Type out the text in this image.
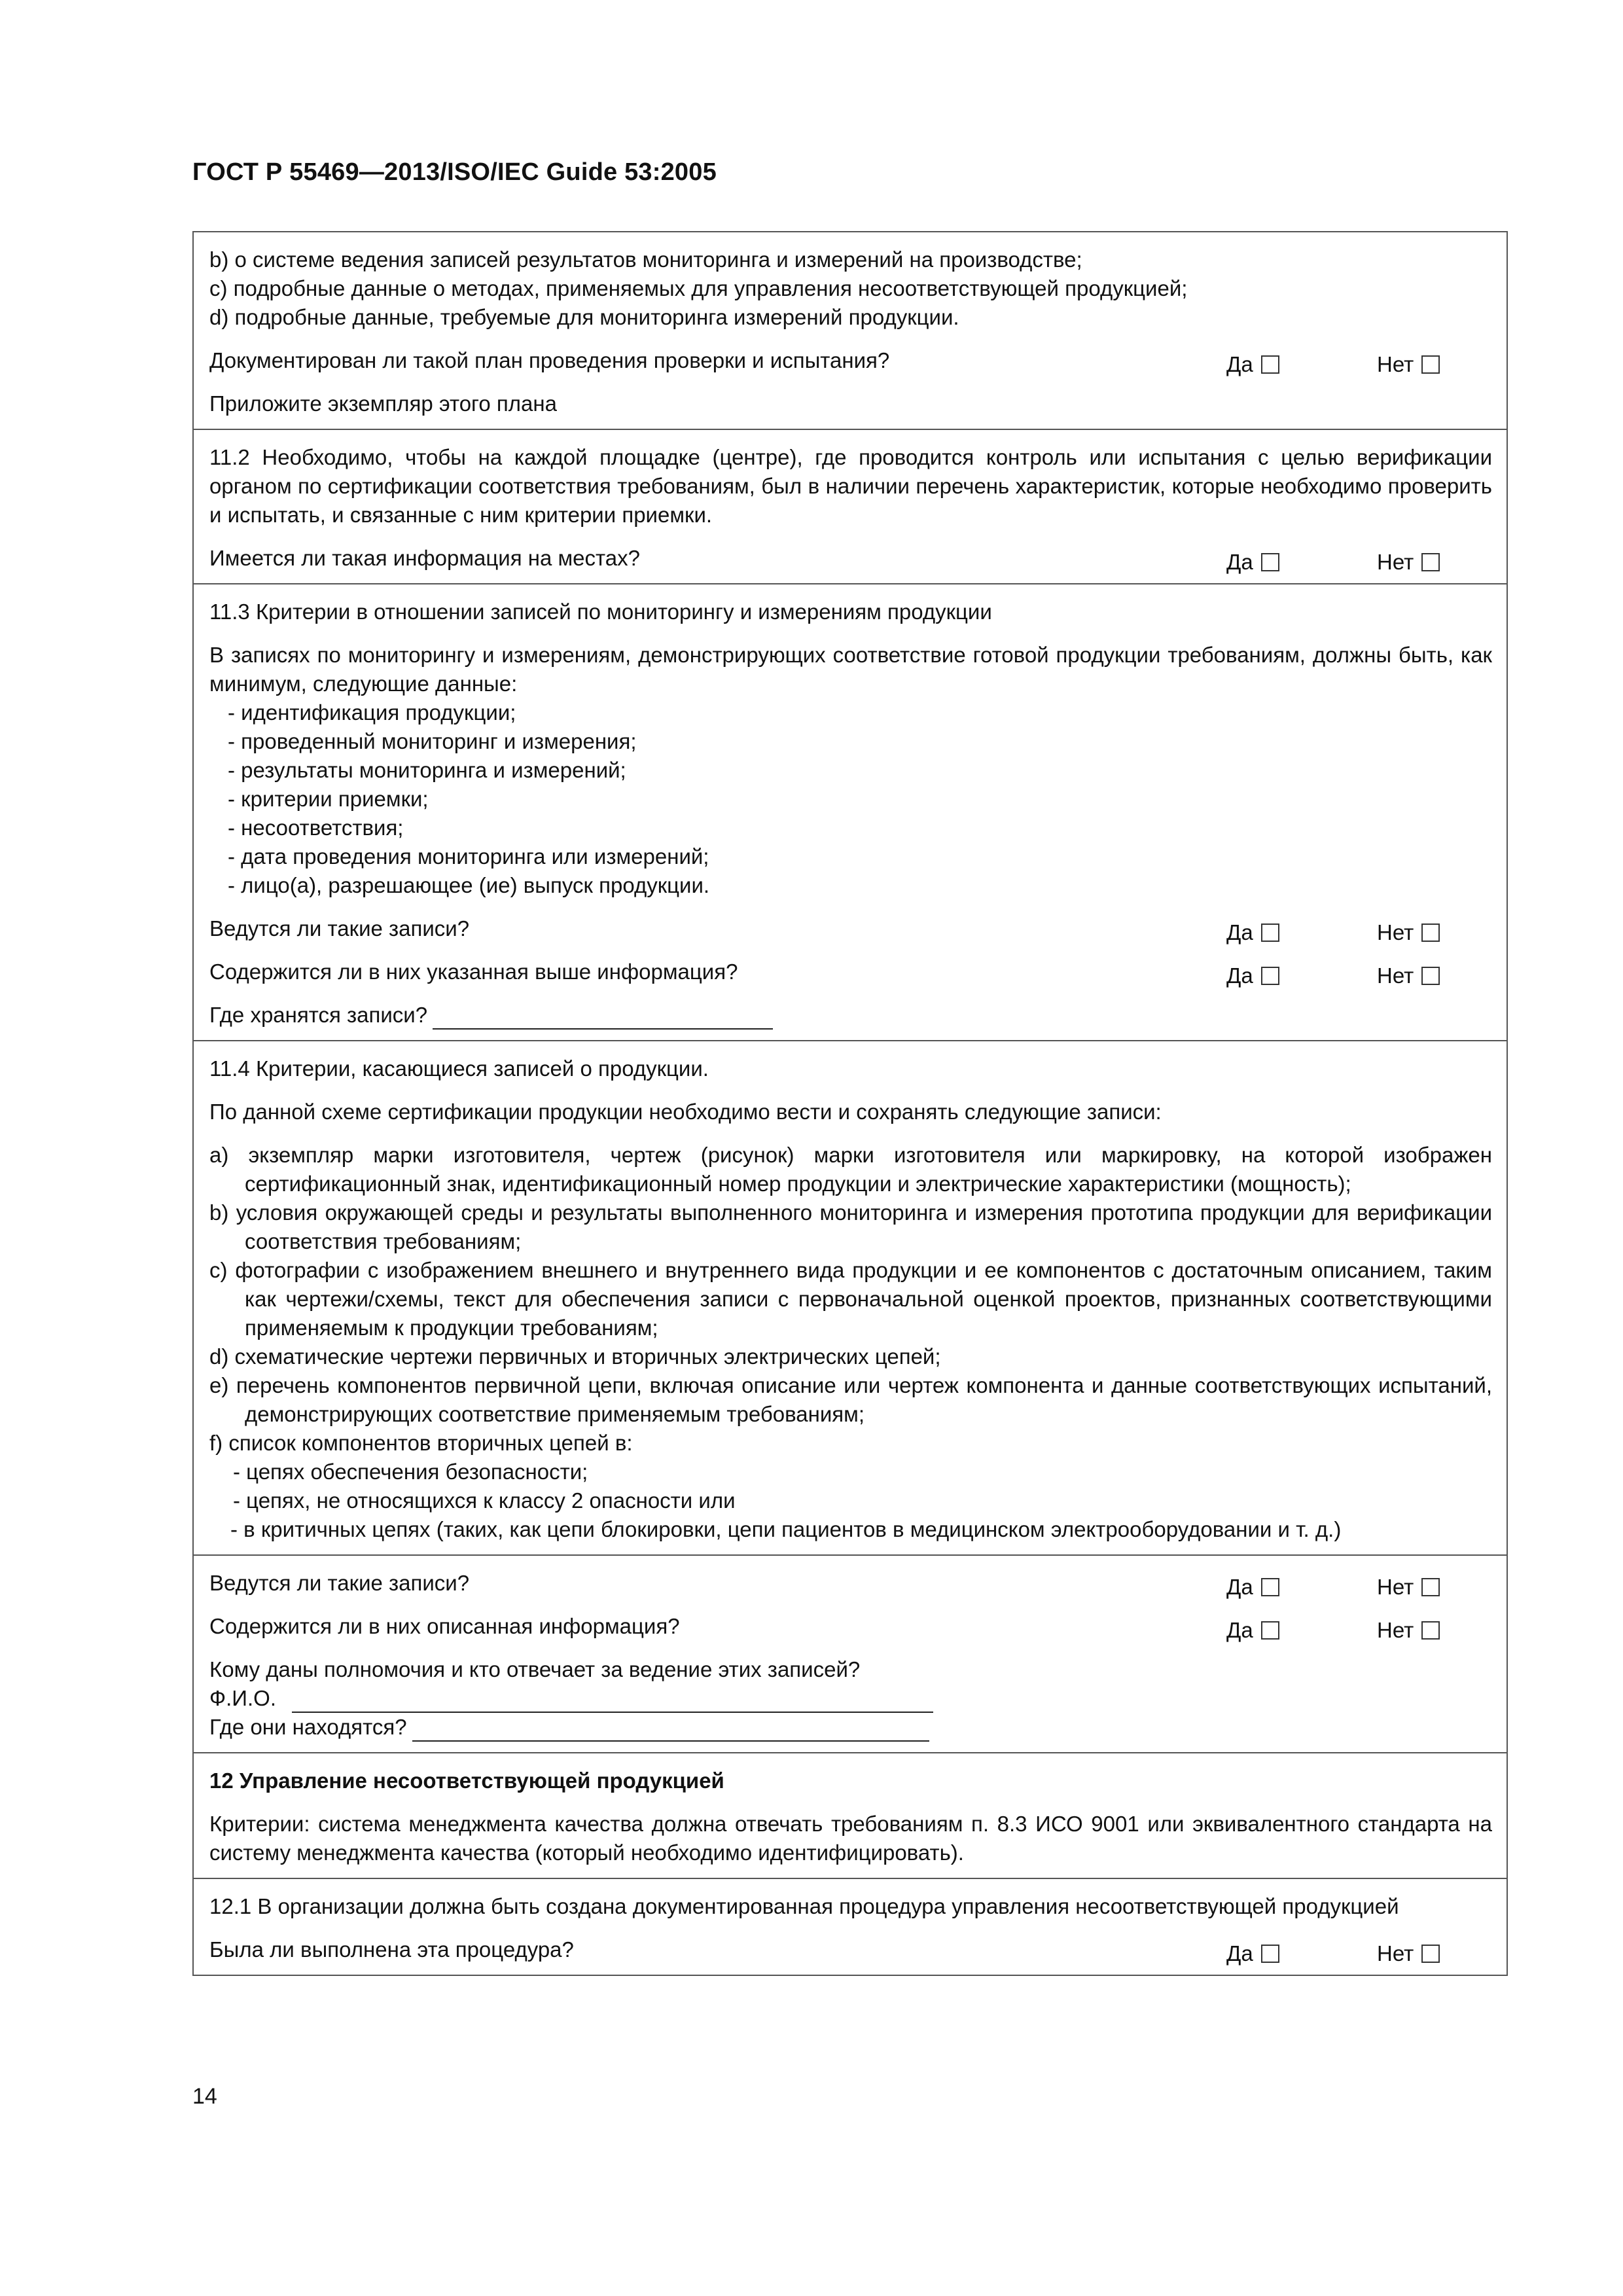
ГОСТ Р 55469—2013/ISO/IEC Guide 53:2005
b) о системе ведения записей результатов мониторинга и измерений на производстве;
c) подробные данные о методах, применяемых для управления несоответствующей продукцией;
d) подробные данные, требуемые для мониторинга измерений продукции.
Документирован ли такой план проведения проверки и испытания?	Да	Нет
Приложите экземпляр этого плана

11.2 Необходимо, чтобы на каждой площадке (центре), где проводится контроль или испытания с целью верификации органом по сертификации соответствия требованиям, был в наличии перечень характеристик, которые необходимо проверить и испытать, и связанные с ним критерии приемки.

Имеется ли такая информация на местах?	Да	Нет
11.3 Критерии в отношении записей по мониторингу и измерениям продукции

В записях по мониторингу и измерениям, демонстрирующих соответствие готовой продукции требованиям, должны быть, как минимум, следующие данные:

- идентификация продукции;
- проведенный мониторинг и измерения;
- результаты мониторинга и измерений;
- критерии приемки;
- несоответствия;
- дата проведения мониторинга или измерений;
- лицо(а), разрешающее (ие) выпуск продукции.
Ведутся ли такие записи?	Да	Нет
Содержится ли в них указанная выше информация?	Да	Нет
Где хранятся записи?
11.4 Критерии, касающиеся записей о продукции.
По данной схеме сертификации продукции необходимо вести и сохранять следующие записи:

a) экземпляр марки изготовителя, чертеж (рисунок) марки изготовителя или маркировку, на которой изображен сертификационный знак, идентификационный номер продукции и электрические характеристики (мощность);

b) условия окружающей среды и результаты выполненного мониторинга и измерения прототипа продукции для верификации соответствия требованиям;

c) фотографии с изображением внешнего и внутреннего вида продукции и ее компонентов с достаточным описанием, таким как чертежи/схемы, текст для обеспечения записи с первоначальной оценкой проектов, признанных соответствующими применяемым к продукции требованиям;

d) схематические чертежи первичных и вторичных электрических цепей;

e) перечень компонентов первичной цепи, включая описание или чертеж компонента и данные соответствующих испытаний, демонстрирующих соответствие применяемым требованиям;

f) список компонентов вторичных цепей в:

- цепях обеспечения безопасности;
- цепях, не относящихся к классу 2 опасности или
- в критичных цепях (таких, как цепи блокировки, цепи пациентов в медицинском электрооборудовании и т. д.)
Ведутся ли такие записи?	Да	Нет
Содержится ли в них описанная информация?	Да	Нет
Кому даны полномочия и кто отвечает за ведение этих записей?
Ф.И.О.
Где они находятся?
12 Управление несоответствующей продукцией

Критерии: система менеджмента качества должна отвечать требованиям п. 8.3 ИСО 9001 или эквивалентного стандарта на систему менеджмента качества (который необходимо идентифицировать).

12.1 В организации должна быть создана документированная процедура управления несоответствующей продукцией

Была ли выполнена эта процедура?	Да	Нет
14
